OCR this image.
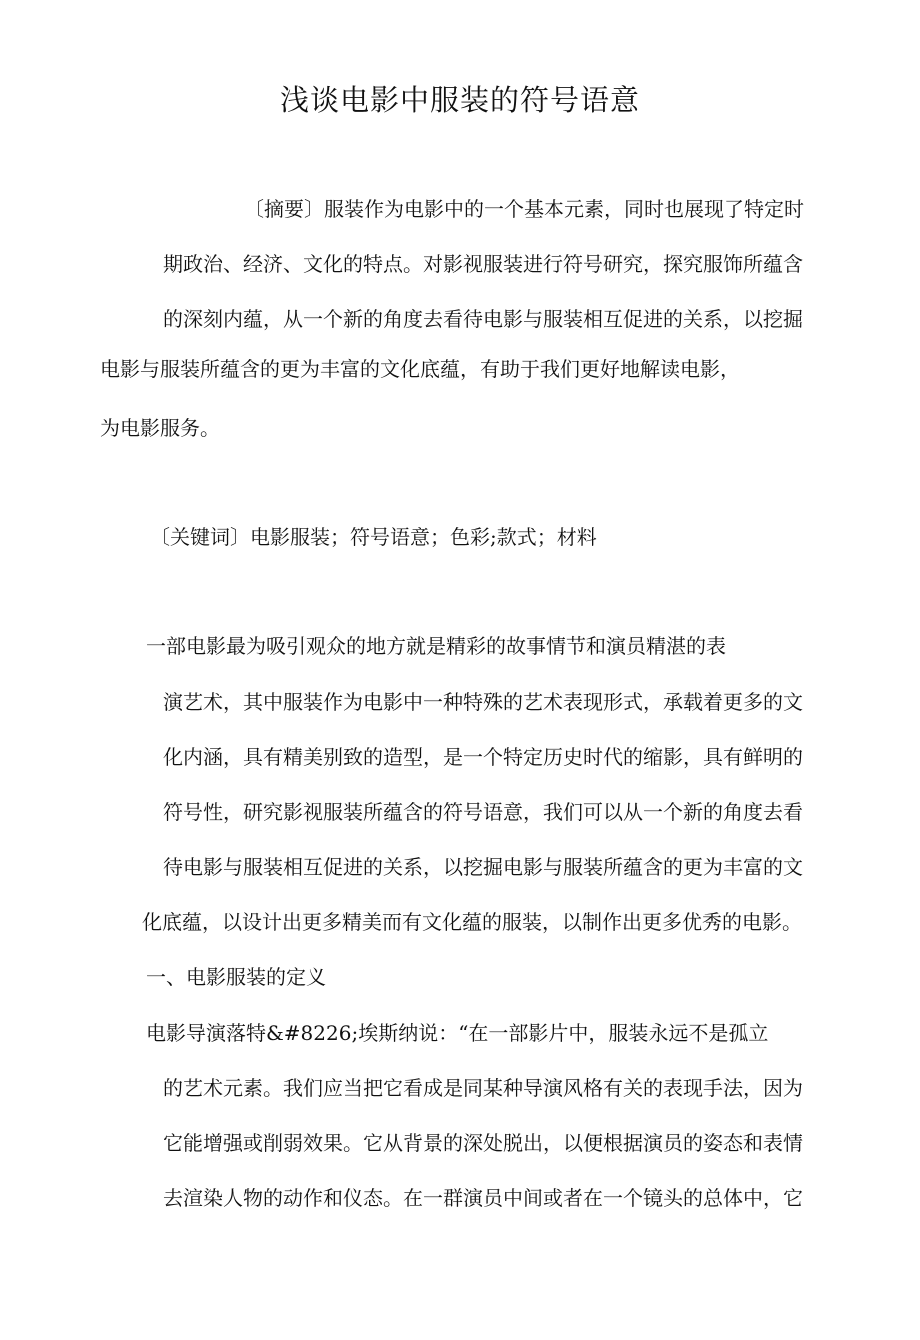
浅谈电影中服装的符号语意
〔摘要〕服装作为电影中的一个基本元素，同时也展现了特定时
期政治、经济、文化的特点。对影视服装进行符号研究，探究服饰所蕴含
的深刻内蕴，从一个新的角度去看待电影与服装相互促进的关系，以挖掘
电影与服装所蕴含的更为丰富的文化底蕴，有助于我们更好地解读电影，
为电影服务。
〔关键词〕电影服装；符号语意；色彩;款式；材料
一部电影最为吸引观众的地方就是精彩的故事情节和演员精湛的表
演艺术，其中服装作为电影中一种特殊的艺术表现形式，承载着更多的文
化内涵，具有精美别致的造型，是一个特定历史时代的缩影，具有鲜明的
符号性，研究影视服装所蕴含的符号语意，我们可以从一个新的角度去看
待电影与服装相互促进的关系，以挖掘电影与服装所蕴含的更为丰富的文
化底蕴，以设计出更多精美而有文化蕴的服装，以制作出更多优秀的电影。
一、电影服装的定义
电影导演落特&#8226;埃斯纳说：“在一部影片中，服装永远不是孤立
的艺术元素。我们应当把它看成是同某种导演风格有关的表现手法，因为
它能增强或削弱效果。它从背景的深处脱出，以便根据演员的姿态和表情
去渲染人物的动作和仪态。在一群演员中间或者在一个镜头的总体中，它
